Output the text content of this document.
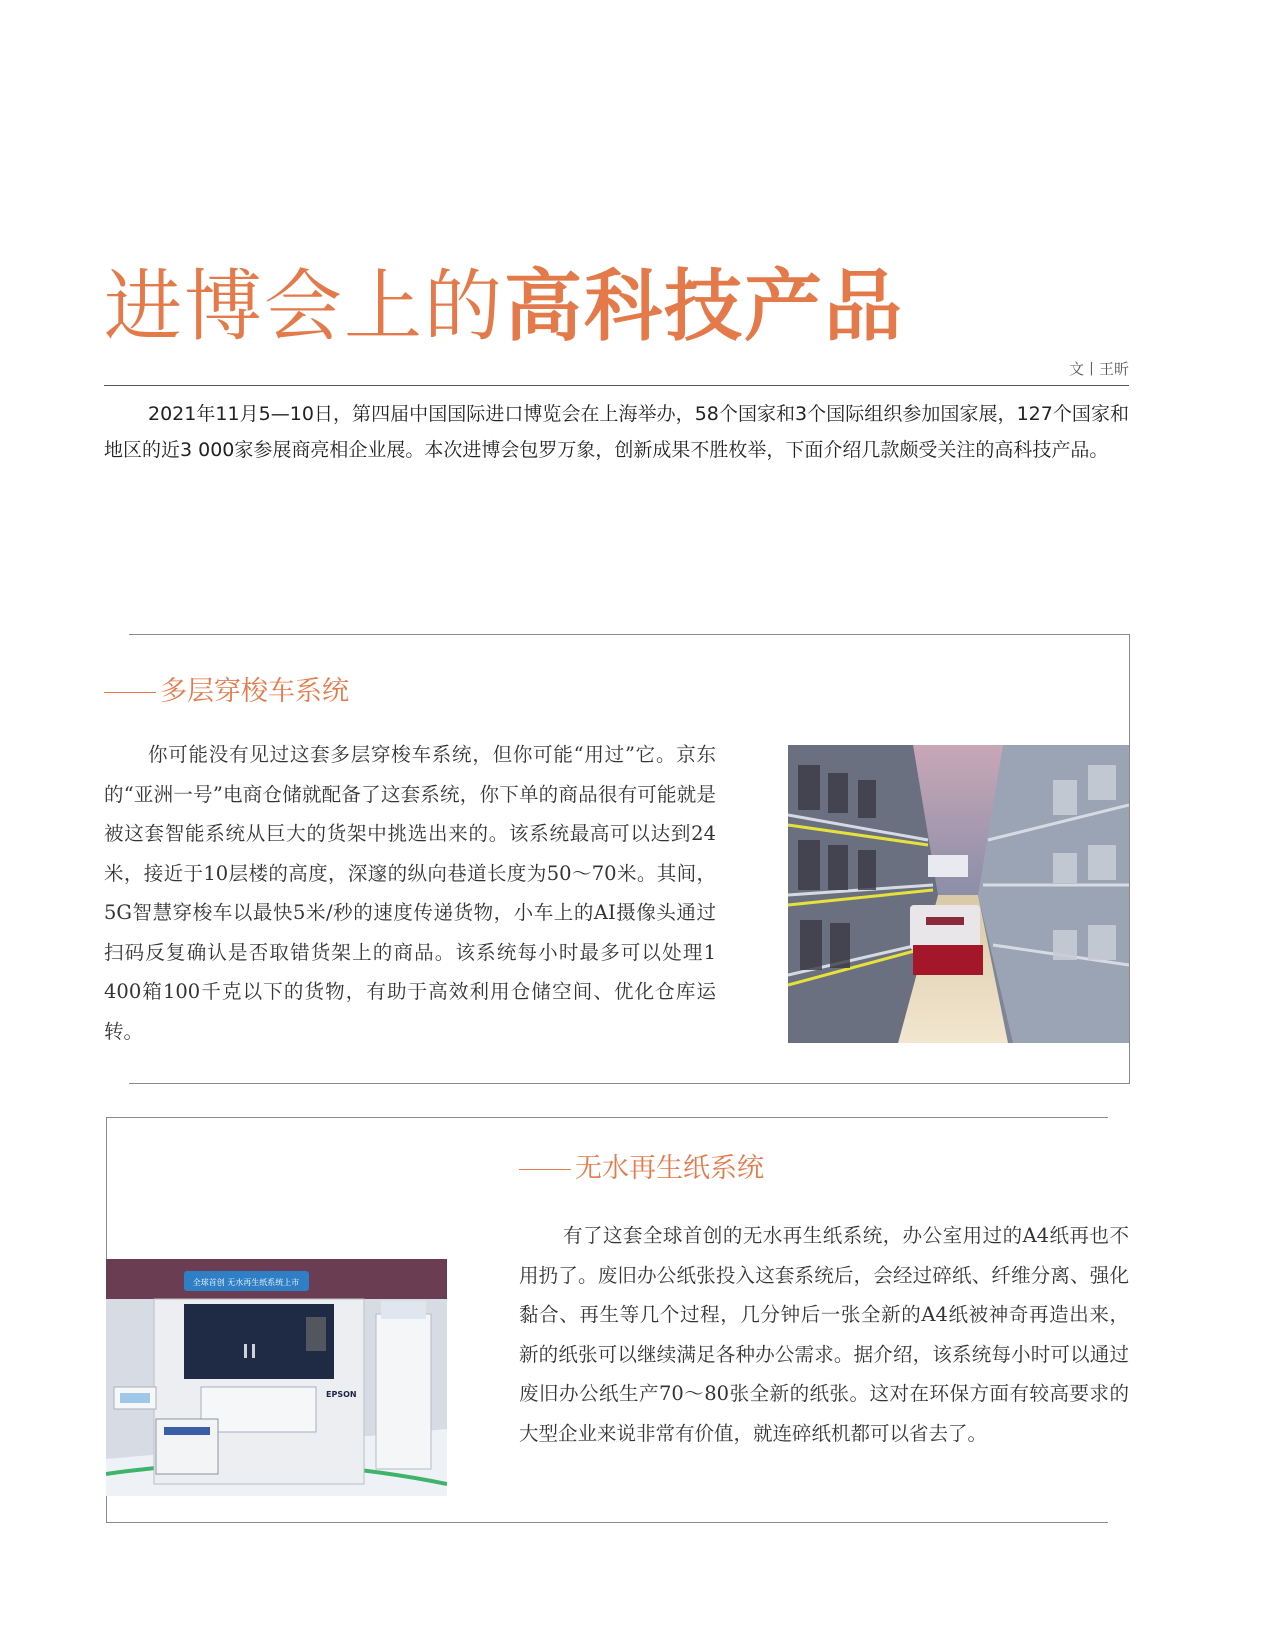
进博会上的高科技产品
文丨王昕

2021年11月5—10日，第四届中国国际进口博览会在上海举办，58个国家和3个国际组织参加国家展，127个国家和地区的近3 000家参展商亮相企业展。本次进博会包罗万象，创新成果不胜枚举，下面介绍几款颇受关注的高科技产品。

多层穿梭车系统

你可能没有见过这套多层穿梭车系统，但你可能“用过”它。京东的“亚洲一号”电商仓储就配备了这套系统，你下单的商品很有可能就是被这套智能系统从巨大的货架中挑选出来的。该系统最高可以达到24米，接近于10层楼的高度，深邃的纵向巷道长度为50～70米。其间，5G智慧穿梭车以最快5米/秒的速度传递货物，小车上的AI摄像头通过扫码反复确认是否取错货架上的商品。该系统每小时最多可以处理1 400箱100千克以下的货物，有助于高效利用仓储空间、优化仓库运转。

无水再生纸系统

有了这套全球首创的无水再生纸系统，办公室用过的A4纸再也不用扔了。废旧办公纸张投入这套系统后，会经过碎纸、纤维分离、强化黏合、再生等几个过程，几分钟后一张全新的A4纸被神奇再造出来，新的纸张可以继续满足各种办公需求。据介绍，该系统每小时可以通过废旧办公纸生产70～80张全新的纸张。这对在环保方面有较高要求的大型企业来说非常有价值，就连碎纸机都可以省去了。

全球首创 无水再生纸系统上市
EPSON
